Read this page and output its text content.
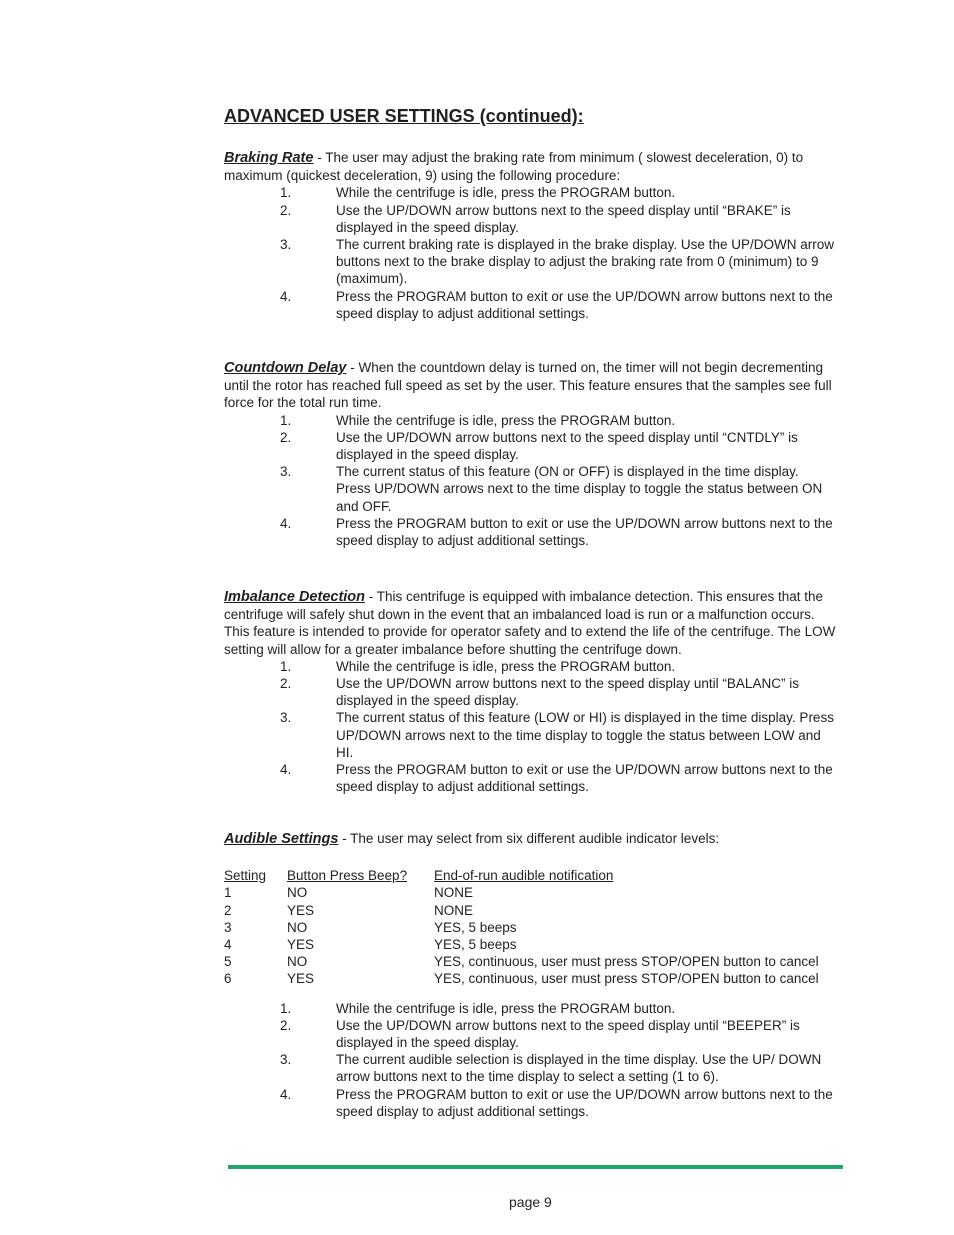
ADVANCED USER SETTINGS (continued):
Braking Rate - The user may adjust the braking rate from minimum ( slowest deceleration, 0) to maximum (quickest deceleration, 9) using the following procedure:
1.	While the centrifuge is idle, press the PROGRAM button.
2.	Use the UP/DOWN arrow buttons next to the speed display until “BRAKE” is displayed in the speed display.
3.	The current braking rate is displayed in the brake display. Use the UP/DOWN arrow buttons next to the brake display to adjust the braking rate from 0 (minimum) to 9 (maximum).
4.	Press the PROGRAM button to exit or use the UP/DOWN arrow buttons next to the speed display to adjust additional settings.
Countdown Delay - When the countdown delay is turned on, the timer will not begin decrementing until the rotor has reached full speed as set by the user. This feature ensures that the samples see full force for the total run time.
1.	While the centrifuge is idle, press the PROGRAM button.
2.	Use the UP/DOWN arrow buttons next to the speed display until “CNTDLY” is displayed in the speed display.
3.	The current status of this feature (ON or OFF) is displayed in the time display. Press UP/DOWN arrows next to the time display to toggle the status between ON and OFF.
4.	Press the PROGRAM button to exit or use the UP/DOWN arrow buttons next to the speed display to adjust additional settings.
Imbalance Detection - This centrifuge is equipped with imbalance detection. This ensures that the centrifuge will safely shut down in the event that an imbalanced load is run or a malfunction occurs. This feature is intended to provide for operator safety and to extend the life of the centrifuge. The LOW setting will allow for a greater imbalance before shutting the centrifuge down.
1.	While the centrifuge is idle, press the PROGRAM button.
2.	Use the UP/DOWN arrow buttons next to the speed display until “BALANC” is displayed in the speed display.
3.	The current status of this feature (LOW or HI) is displayed in the time display. Press UP/DOWN arrows next to the time display to toggle the status between LOW and HI.
4.	Press the PROGRAM button to exit or use the UP/DOWN arrow buttons next to the speed display to adjust additional settings.
Audible Settings - The user may select from six different audible indicator levels:
Setting	Button Press Beep?	End-of-run audible notification
1	NO	NONE
2	YES	NONE
3	NO	YES, 5 beeps
4	YES	YES, 5 beeps
5	NO	YES, continuous, user must press STOP/OPEN button to cancel
6	YES	YES, continuous, user must press STOP/OPEN button to cancel
1.	While the centrifuge is idle, press the PROGRAM button.
2.	Use the UP/DOWN arrow buttons next to the speed display until “BEEPER” is displayed in the speed display.
3.	The current audible selection is displayed in the time display. Use the UP/ DOWN arrow buttons next to the time display to select a setting (1 to 6).
4.	Press the PROGRAM button to exit or use the UP/DOWN arrow buttons next to the speed display to adjust additional settings.
page 9
